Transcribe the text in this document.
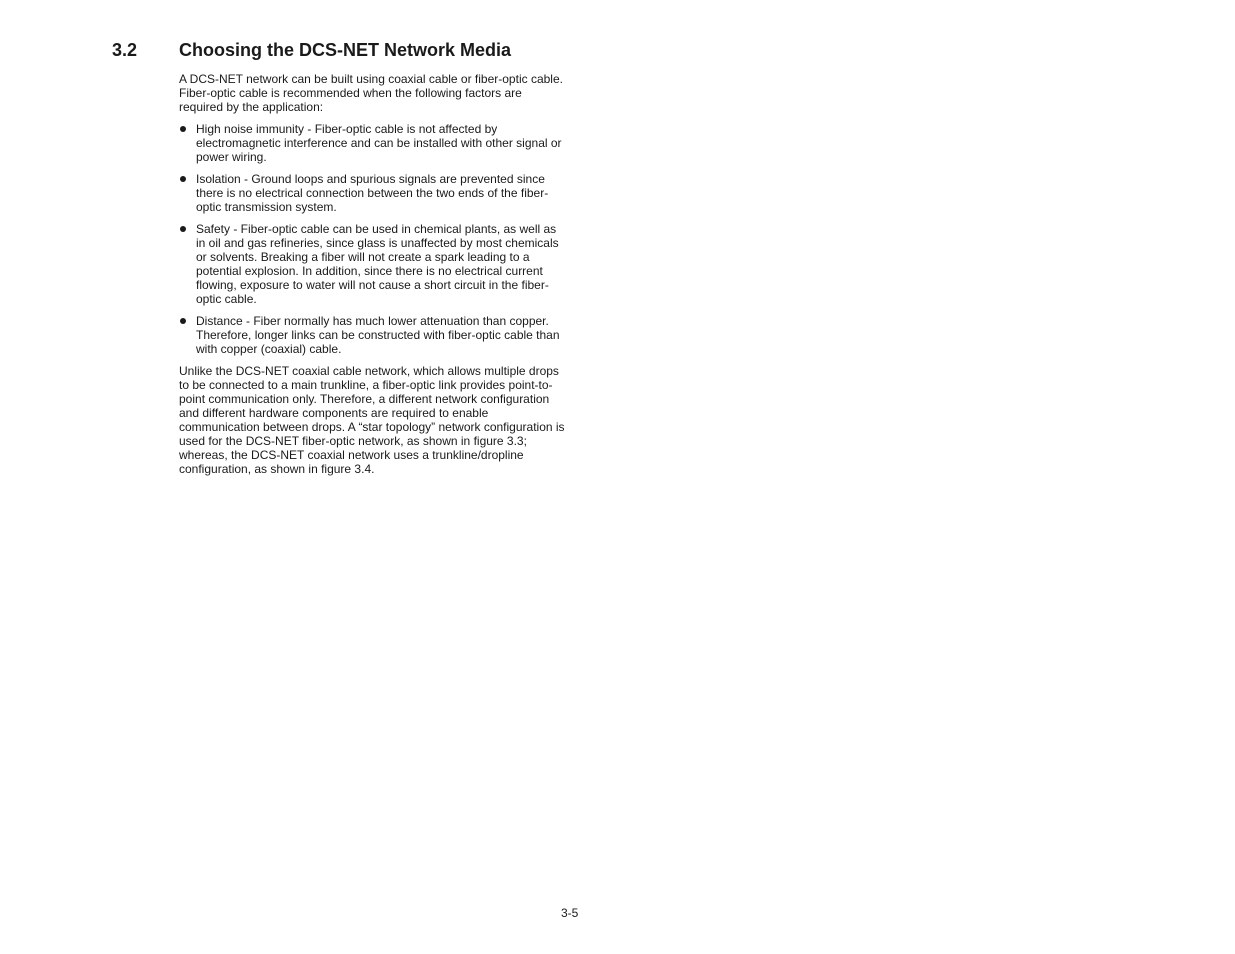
3.2 Choosing the DCS-NET Network Media

A DCS-NET network can be built using coaxial cable or fiber-optic cable. Fiber-optic cable is recommended when the following factors are required by the application:

High noise immunity - Fiber-optic cable is not affected by electromagnetic interference and can be installed with other signal or power wiring.
Isolation - Ground loops and spurious signals are prevented since there is no electrical connection between the two ends of the fiber-optic transmission system.
Safety - Fiber-optic cable can be used in chemical plants, as well as in oil and gas refineries, since glass is unaffected by most chemicals or solvents. Breaking a fiber will not create a spark leading to a potential explosion. In addition, since there is no electrical current flowing, exposure to water will not cause a short circuit in the fiber-optic cable.
Distance - Fiber normally has much lower attenuation than copper. Therefore, longer links can be constructed with fiber-optic cable than with copper (coaxial) cable.

Unlike the DCS-NET coaxial cable network, which allows multiple drops to be connected to a main trunkline, a fiber-optic link provides point-to-point communication only. Therefore, a different network configuration and different hardware components are required to enable communication between drops. A “star topology” network configuration is used for the DCS-NET fiber-optic network, as shown in figure 3.3; whereas, the DCS-NET coaxial network uses a trunkline/dropline configuration, as shown in figure 3.4.

3-5
